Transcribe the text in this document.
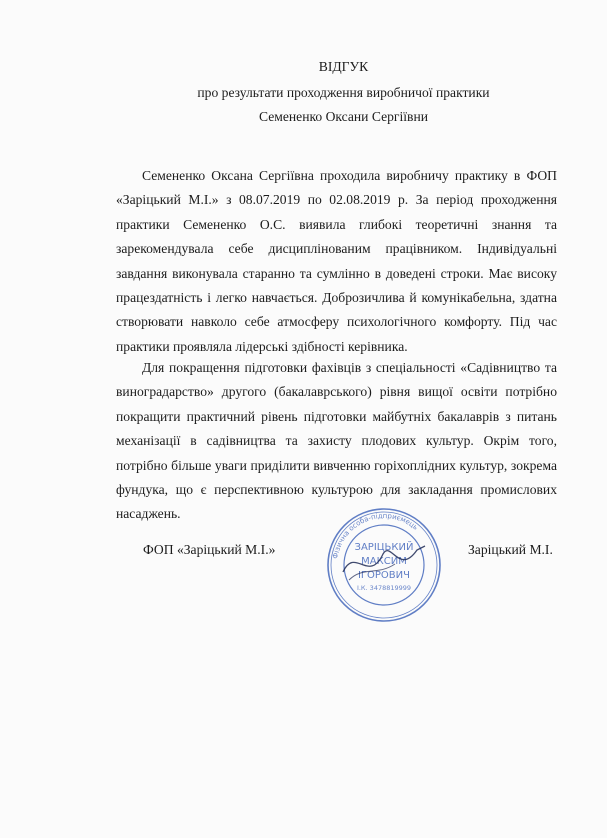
ВІДГУК
про результати проходження виробничої практики
Семененко Оксани Сергіївни

Семененко Оксана Сергіївна проходила виробничу практику в ФОП «Заріцький М.І.» з 08.07.2019 по 02.08.2019 р. За період проходження практики Семененко О.С. виявила глибокі теоретичні знання та зарекомендувала себе дисциплінованим працівником. Індивідуальні завдання виконувала старанно та сумлінно в доведені строки. Має високу працездатність і легко навчається. Доброзичлива й комунікабельна, здатна створювати навколо себе атмосферу психологічного комфорту. Під час практики проявляла лідерські здібності керівника.

Для покращення підготовки фахівців з спеціальності «Садівництво та виноградарство» другого (бакалаврського) рівня вищої освіти потрібно покращити практичний рівень підготовки майбутніх бакалаврів з питань механізації в садівництва та захисту плодових культур. Окрім того, потрібно більше уваги приділити вивченню горіхоплідних культур, зокрема фундука, що є перспективною культурою для закладання промислових насаджень.

ФОП «Заріцький М.І.»	Заріцький М.І.
Фізична особа-підприємець
ЗАРІЦЬКИЙ
МАКСИМ
ІГОРОВИЧ
І.К. 3478819999
